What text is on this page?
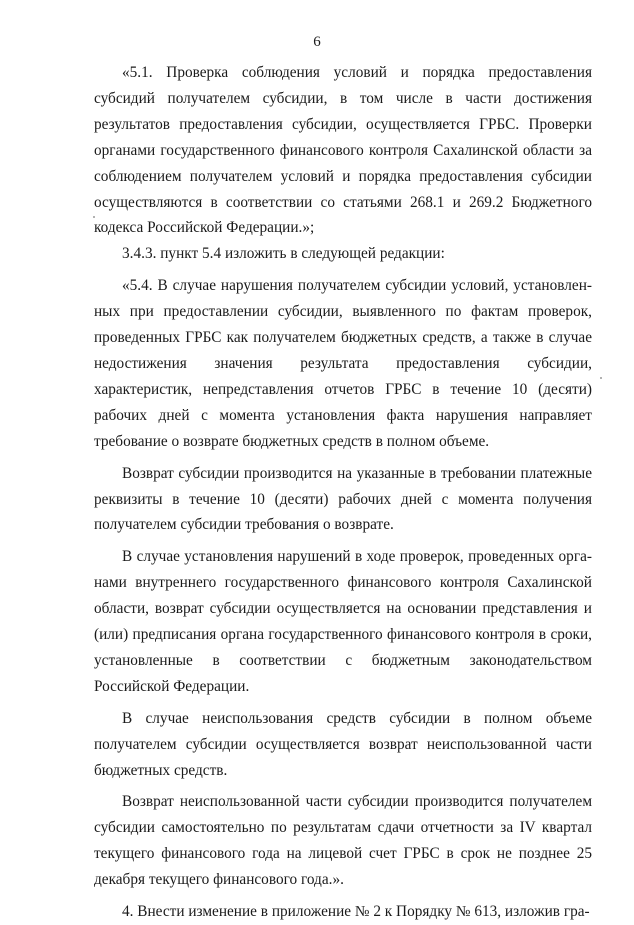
6

«5.1. Проверка соблюдения условий и порядка предоставления субсидий получателем субсидии, в том числе в части достижения результатов предоставления субсидии, осуществляется ГРБС. Проверки органами государственного финансового контроля Сахалинской области за соблюдением получателем условий и порядка предоставления субсидии осуществляются в соответствии со статьями 268.1 и 269.2 Бюджетного кодекса Российской Федерации.»;

3.4.3. пункт 5.4 изложить в следующей редакции:

«5.4. В случае нарушения получателем субсидии условий, установленных при предоставлении субсидии, выявленного по фактам проверок, проведенных ГРБС как получателем бюджетных средств, а также в случае недостижения значения результата предоставления субсидии, характеристик, непредставления отчетов ГРБС в течение 10 (десяти) рабочих дней с момента установления факта нарушения направляет требование о возврате бюджетных средств в полном объеме.

Возврат субсидии производится на указанные в требовании платежные реквизиты в течение 10 (десяти) рабочих дней с момента получения получателем субсидии требования о возврате.

В случае установления нарушений в ходе проверок, проведенных органами внутреннего государственного финансового контроля Сахалинской области, возврат субсидии осуществляется на основании представления и (или) предписания органа государственного финансового контроля в сроки, установленные в соответствии с бюджетным законодательством Российской Федерации.

В случае неиспользования средств субсидии в полном объеме получателем субсидии осуществляется возврат неиспользованной части бюджетных средств.

Возврат неиспользованной части субсидии производится получателем субсидии самостоятельно по результатам сдачи отчетности за IV квартал текущего финансового года на лицевой счет ГРБС в срок не позднее 25 декабря текущего финансового года.».

4. Внести изменение в приложение № 2 к Порядку № 613, изложив гра-
